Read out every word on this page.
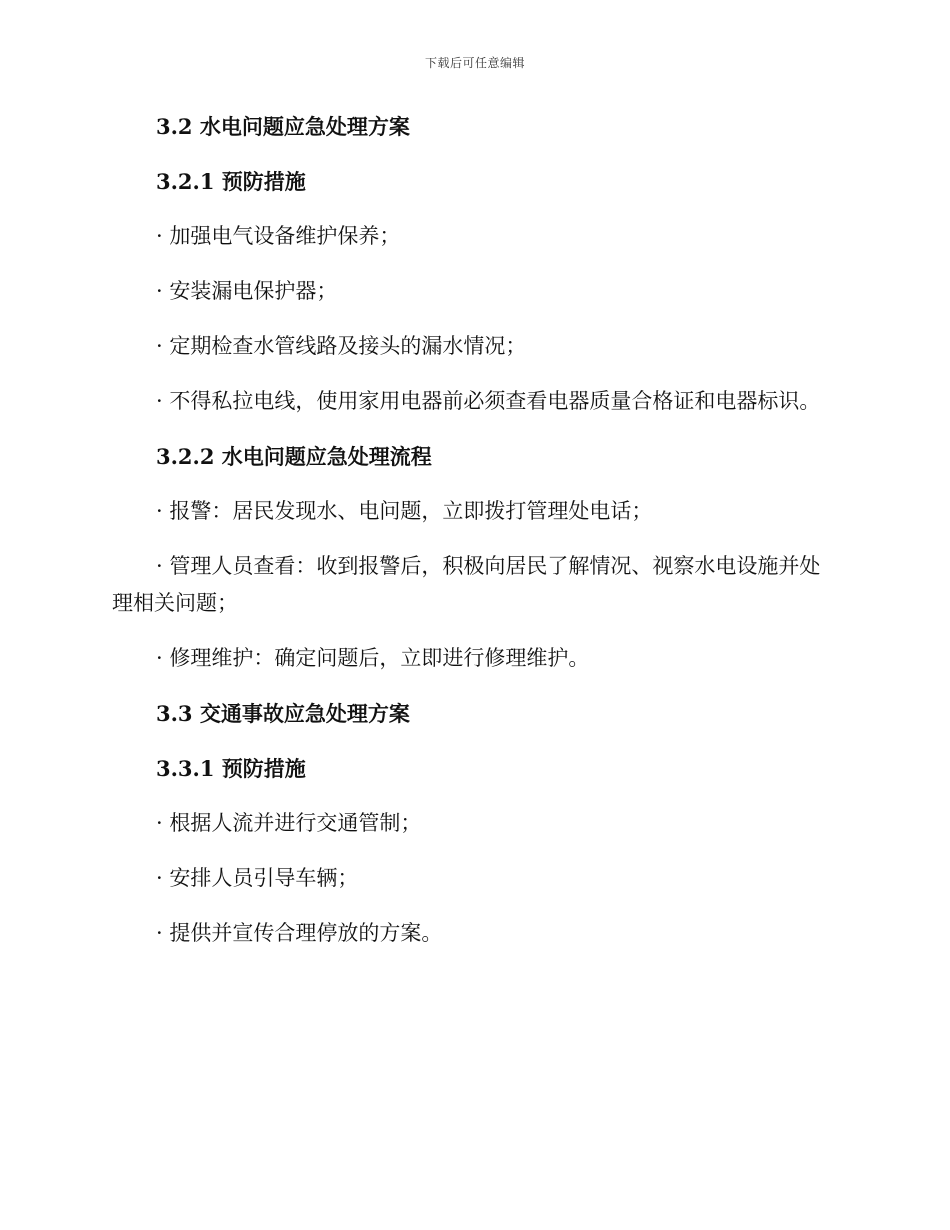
下载后可任意编辑

3.2 水电问题应急处理方案

3.2.1 预防措施

· 加强电气设备维护保养；

· 安装漏电保护器；

· 定期检查水管线路及接头的漏水情况；

· 不得私拉电线，使用家用电器前必须查看电器质量合格证和电器标识。

3.2.2 水电问题应急处理流程

· 报警：居民发现水、电问题，立即拨打管理处电话；

· 管理人员查看：收到报警后，积极向居民了解情况、视察水电设施并处理相关问题；

· 修理维护：确定问题后，立即进行修理维护。

3.3 交通事故应急处理方案

3.3.1 预防措施

· 根据人流并进行交通管制；

· 安排人员引导车辆；

· 提供并宣传合理停放的方案。
